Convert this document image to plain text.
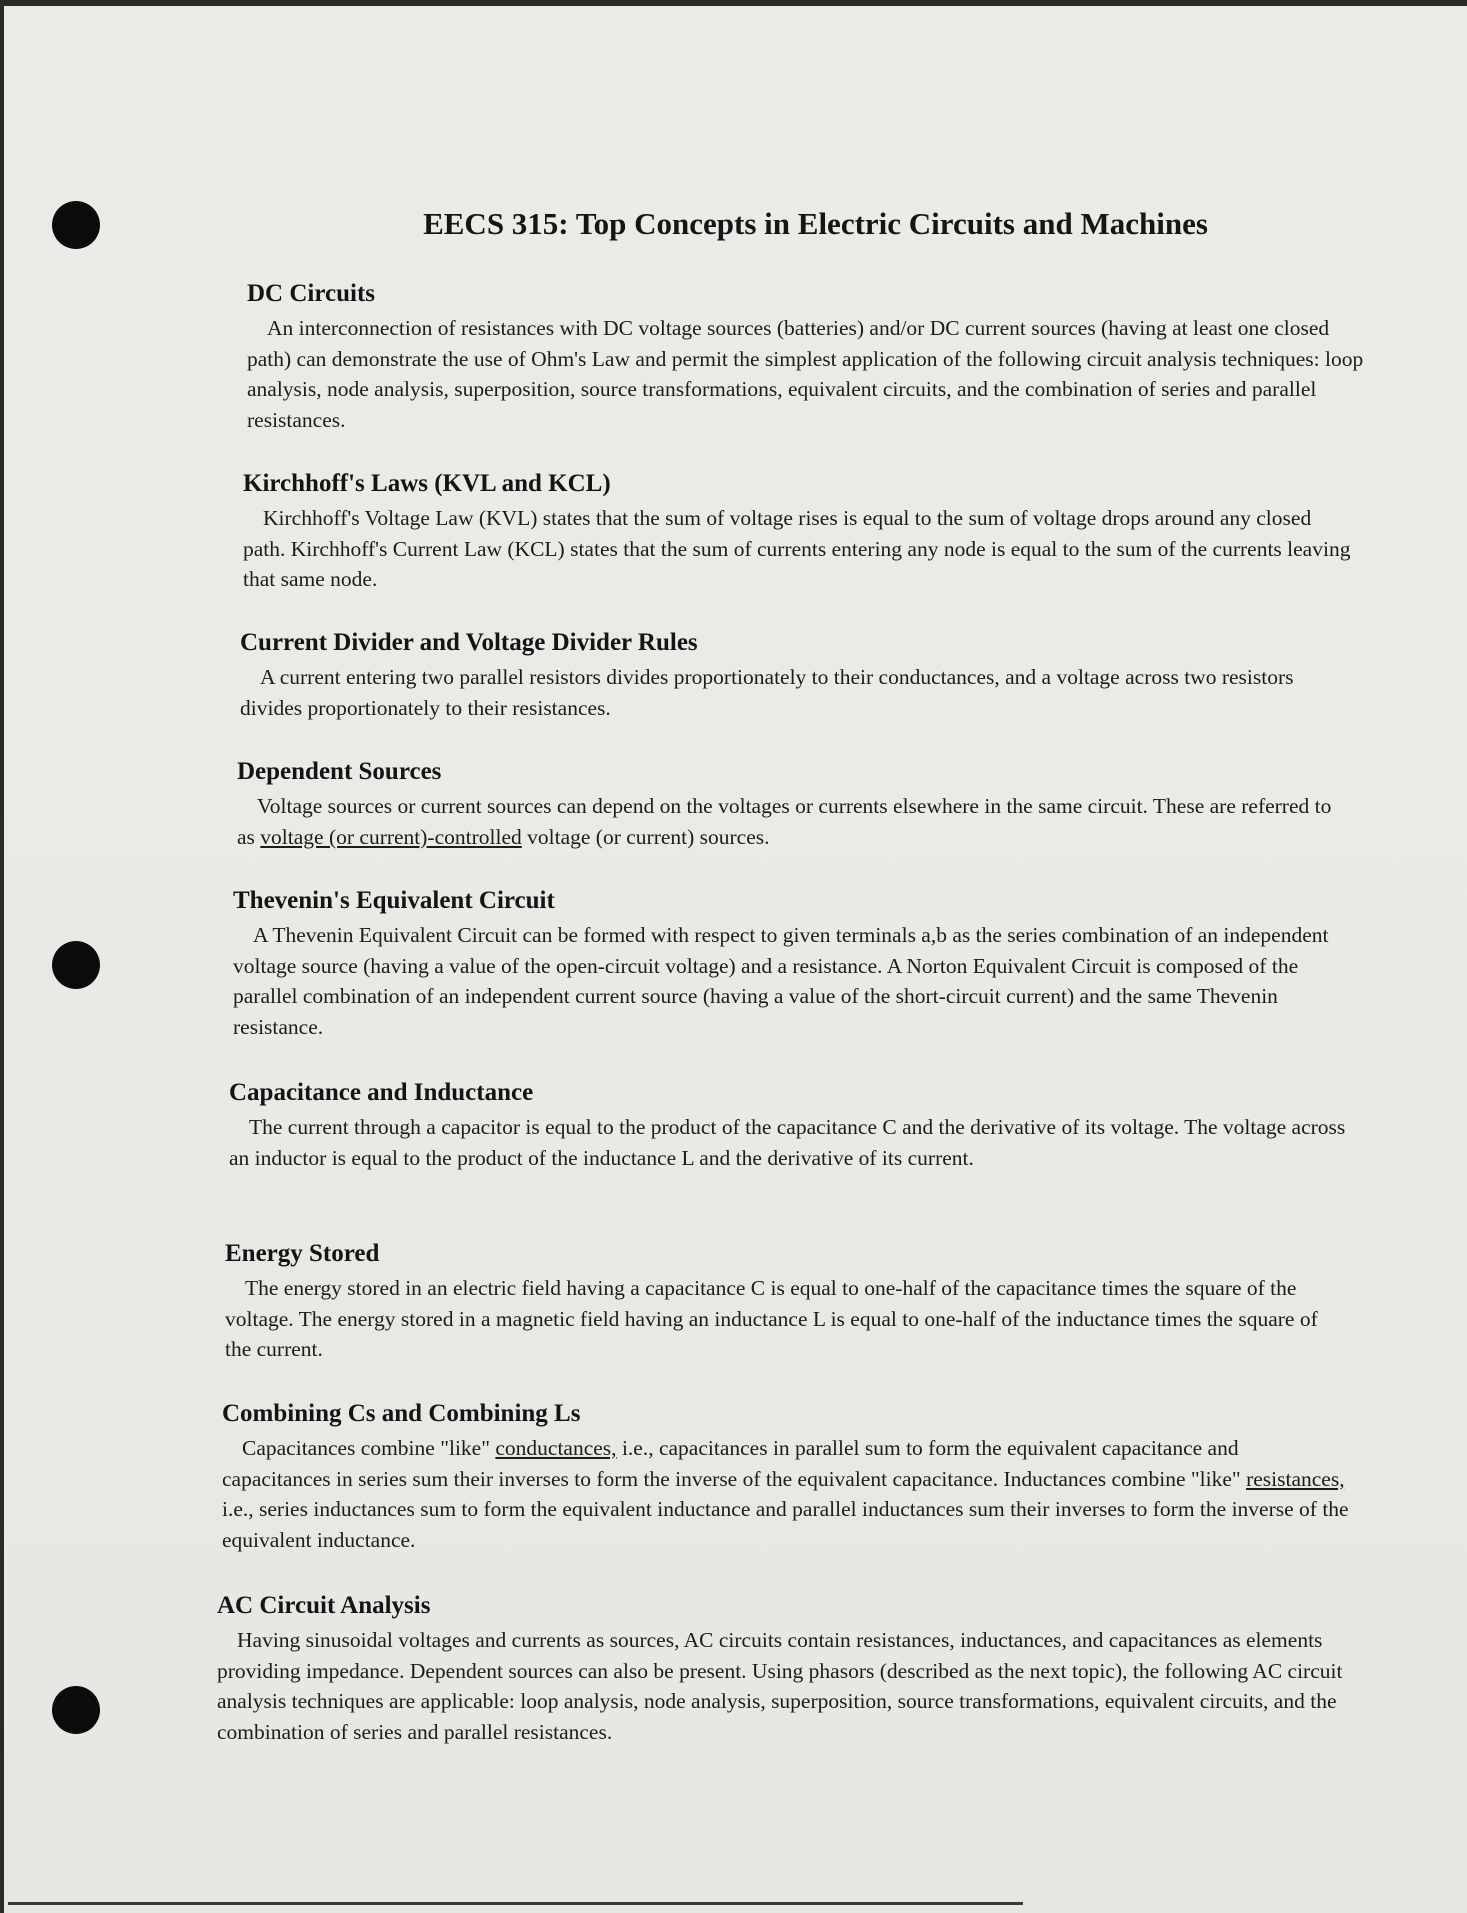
EECS 315: Top Concepts in Electric Circuits and Machines
DC Circuits

An interconnection of resistances with DC voltage sources (batteries) and/or DC current sources (having at least one closed path) can demonstrate the use of Ohm's Law and permit the simplest application of the following circuit analysis techniques: loop analysis, node analysis, superposition, source transformations, equivalent circuits, and the combination of series and parallel resistances.

Kirchhoff's Laws (KVL and KCL)

Kirchhoff's Voltage Law (KVL) states that the sum of voltage rises is equal to the sum of voltage drops around any closed path. Kirchhoff's Current Law (KCL) states that the sum of currents entering any node is equal to the sum of the currents leaving that same node.

Current Divider and Voltage Divider Rules

A current entering two parallel resistors divides proportionately to their conductances, and a voltage across two resistors divides proportionately to their resistances.

Dependent Sources

Voltage sources or current sources can depend on the voltages or currents elsewhere in the same circuit. These are referred to as voltage (or current)-controlled voltage (or current) sources.

Thevenin's Equivalent Circuit

A Thevenin Equivalent Circuit can be formed with respect to given terminals a,b as the series combination of an independent voltage source (having a value of the open-circuit voltage) and a resistance. A Norton Equivalent Circuit is composed of the parallel combination of an independent current source (having a value of the short-circuit current) and the same Thevenin resistance.

Capacitance and Inductance

The current through a capacitor is equal to the product of the capacitance C and the derivative of its voltage. The voltage across an inductor is equal to the product of the inductance L and the derivative of its current.

Energy Stored

The energy stored in an electric field having a capacitance C is equal to one-half of the capacitance times the square of the voltage. The energy stored in a magnetic field having an inductance L is equal to one-half of the inductance times the square of the current.

Combining Cs and Combining Ls

Capacitances combine "like" conductances, i.e., capacitances in parallel sum to form the equivalent capacitance and capacitances in series sum their inverses to form the inverse of the equivalent capacitance. Inductances combine "like" resistances, i.e., series inductances sum to form the equivalent inductance and parallel inductances sum their inverses to form the inverse of the equivalent inductance.

AC Circuit Analysis

Having sinusoidal voltages and currents as sources, AC circuits contain resistances, inductances, and capacitances as elements providing impedance. Dependent sources can also be present. Using phasors (described as the next topic), the following AC circuit analysis techniques are applicable: loop analysis, node analysis, superposition, source transformations, equivalent circuits, and the combination of series and parallel resistances.
